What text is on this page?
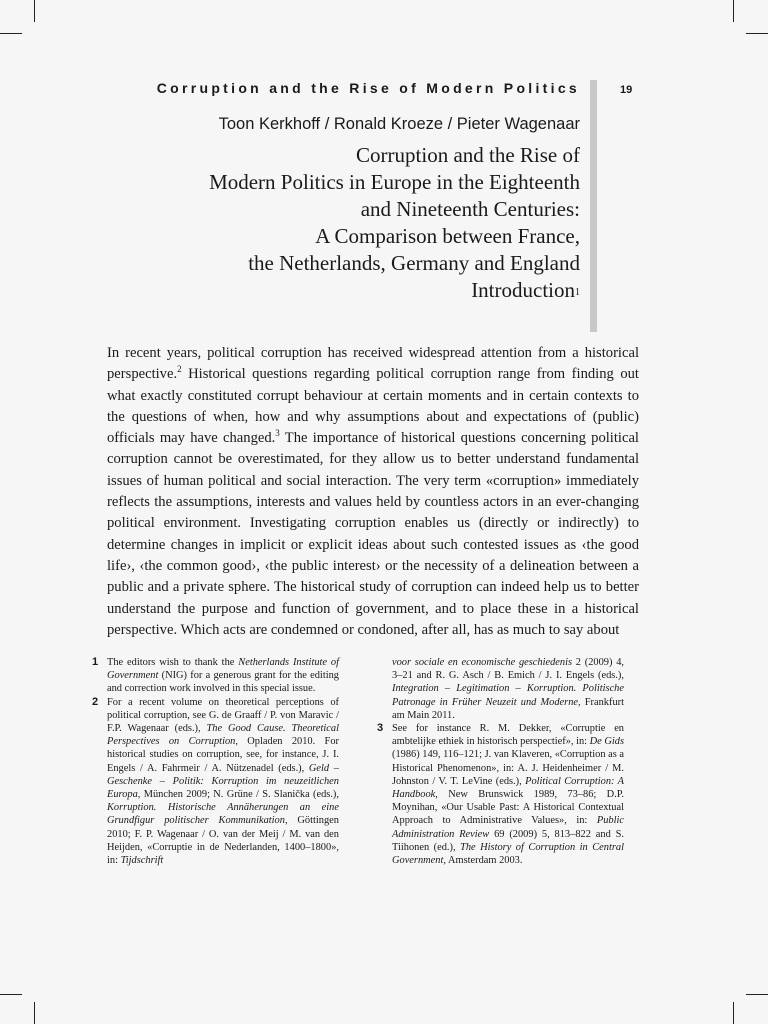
Corruption and the Rise of Modern Politics	19
Toon Kerkhoff / Ronald Kroeze / Pieter Wagenaar
Corruption and the Rise of
Modern Politics in Europe in the Eighteenth
and Nineteenth Centuries:
A Comparison between France,
the Netherlands, Germany and England
Introduction$^1$

In recent years, political corruption has received widespread attention from a historical perspective.$^2$ Historical questions regarding political corruption range from finding out what exactly constituted corrupt behaviour at certain moments and in certain contexts to the questions of when, how and why assumptions about and expectations of (public) officials may have changed.$^3$ The importance of historical questions concerning political corruption cannot be overestimated, for they allow us to better understand fundamental issues of human political and social interaction. The very term «corruption» immediately reflects the assumptions, interests and values held by countless actors in an ever-changing political environment. Investigating corruption enables us (directly or indirectly) to determine changes in implicit or explicit ideas about such contested issues as ‹the good life›, ‹the common good›, ‹the public interest› or the necessity of a delineation between a public and a private sphere. The historical study of corruption can indeed help us to better understand the purpose and function of government, and to place these in a historical perspective. Which acts are condemned or condoned, after all, has as much to say about

1 The editors wish to thank the Netherlands Institute of Government (NIG) for a generous grant for the editing and correction work involved in this special issue.

2 For a recent volume on theoretical perceptions of political corruption, see G. de Graaff / P. von Maravic / F.P. Wagenaar (eds.), The Good Cause. Theoretical Perspectives on Corruption, Opladen 2010. For historical studies on corruption, see, for instance, J. I. Engels / A. Fahrmeir / A. Nützenadel (eds.), Geld – Geschenke – Politik: Korruption im neuzeitlichen Europa, München 2009; N. Grüne / S. Slanička (eds.), Korruption. Historische Annäherungen an eine Grundfigur politischer Kommunikation, Göttingen 2010; F. P. Wagenaar / O. van der Meij / M. van den Heijden, «Corruptie in de Nederlanden, 1400–1800», in: Tijdschrift

voor sociale en economische geschiedenis 2 (2009) 4, 3–21 and R. G. Asch / B. Emich / J. I. Engels (eds.), Integration – Legitimation – Korruption. Politische Patronage in Früher Neuzeit und Moderne, Frankfurt am Main 2011.

3 See for instance R. M. Dekker, «Corruptie en ambtelijke ethiek in historisch perspectief», in: De Gids (1986) 149, 116–121; J. van Klaveren, «Corruption as a Historical Phenomenon», in: A. J. Heidenheimer / M. Johnston / V. T. LeVine (eds.), Political Corruption: A Handbook, New Brunswick 1989, 73–86; D.P. Moynihan, «Our Usable Past: A Historical Contextual Approach to Administrative Values», in: Public Administration Review 69 (2009) 5, 813–822 and S. Tiihonen (ed.), The History of Corruption in Central Government, Amsterdam 2003.
